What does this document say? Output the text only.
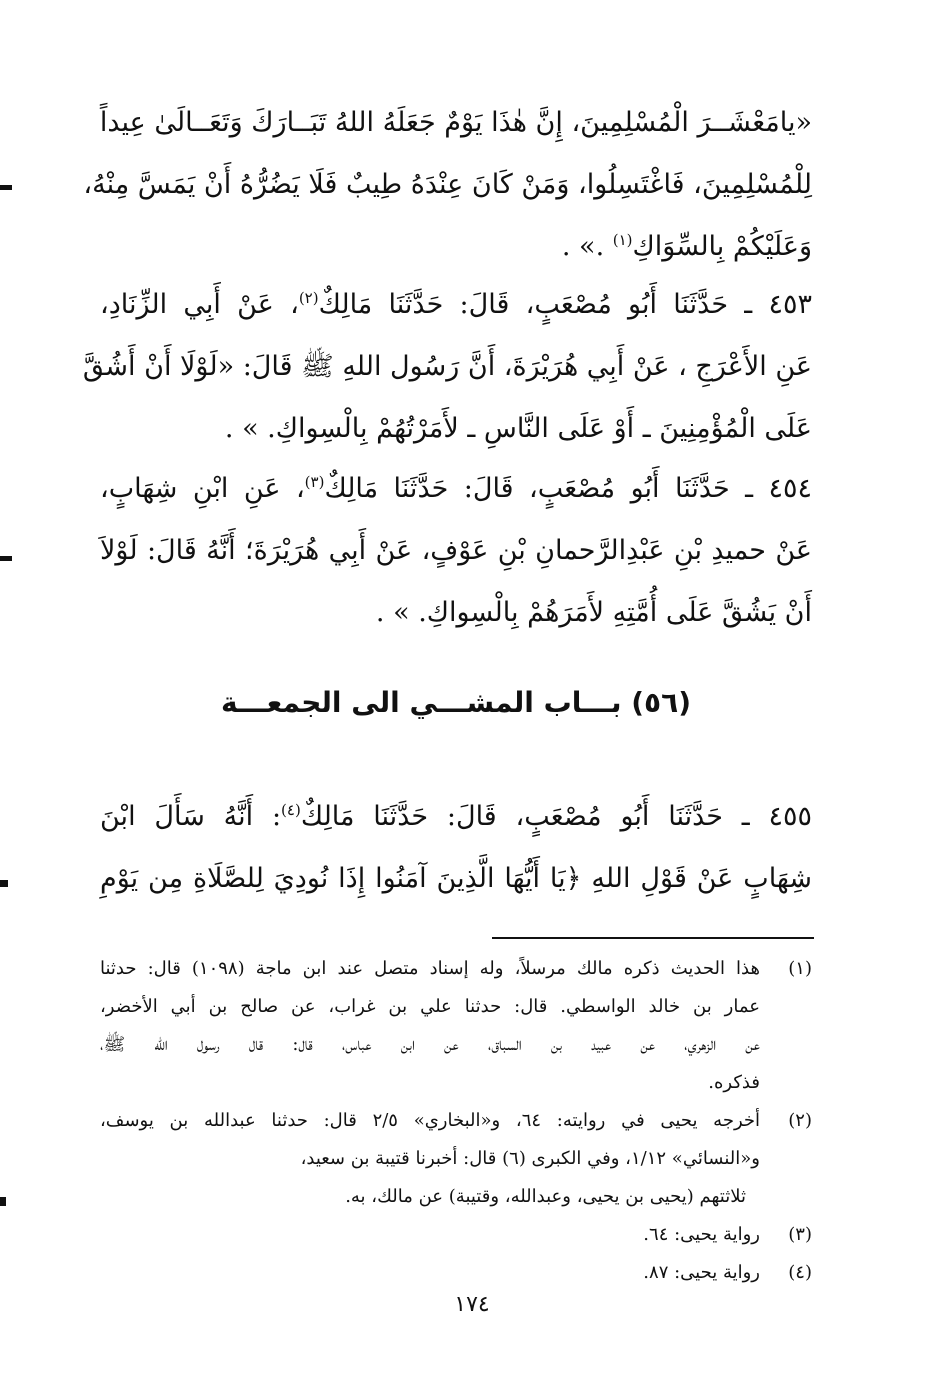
«يامَعْشَــرَ الْمُسْلِمِينَ، إِنَّ هٰذَا يَوْمٌ جَعَلَهُ اللهُ تَبَــارَكَ وَتَعَــالَىٰ عِيداً
لِلْمُسْلِمِينَ، فَاغْتَسِلُوا، وَمَنْ كَانَ عِنْدَهُ طِيبٌ فَلَا يَضُرُّهُ أَنْ يَمَسَّ مِنْهُ،
وَعَلَيْكُمْ بِالسِّوَاكِ$^{(١)}$ .» .
٤٥٣ ـ حَدَّثَنَا أَبُو مُصْعَبٍ، قَالَ: حَدَّثَنَا مَالِكٌ$^{(٢)}$، عَنْ أَبِي الزِّنَادِ،
عَنِ الأَعْرَجِ ، عَنْ أَبِي هُرَيْرَةَ، أَنَّ رَسُول اللهِ ﷺ قَالَ: «لَوْلَا أَنْ أَشُقَّ
عَلَى الْمُؤْمِنِينَ ـ أَوْ عَلَى النَّاسِ ـ لأَمَرْتُهُمْ بِالْسِواكِ. » .
٤٥٤ ـ حَدَّثَنَا أَبُو مُصْعَبٍ، قَالَ: حَدَّثَنَا مَالِكٌ$^{(٣)}$، عَنِ ابْنِ شِهَابٍ،
عَنْ حميدِ بْنِ عَبْدِالرَّحمانِ بْنِ عَوْفٍ، عَنْ أَبِي هُرَيْرَةَ؛ أَنَّهُ قَالَ: لَوْلاَ
أَنْ يَشُقَّ عَلَى أُمَّتِهِ لأَمَرَهُمْ بِالْسِواكِ. » .
(٥٦) بـــاب المشـــي الى الجمعـــة
٤٥٥ ـ حَدَّثَنَا أَبُو مُصْعَبٍ، قَالَ: حَدَّثَنَا مَالِكٌ$^{(٤)}$: أَنَّهُ سَأَلَ ابْنَ
شِهَابٍ عَنْ قَوْلِ اللهِ ﴿يَا أَيُّهَا الَّذِينَ آمَنُوا إِذَا نُودِيَ لِلصَّلَاةِ مِن يَوْمِ
(١)
هذا الحديث ذكره مالك مرسلاً، وله إسناد متصل عند ابن ماجة (١٠٩٨) قال: حدثنا
عمار بن خالد الواسطي. قال: حدثنا علي بن غراب، عن صالح بن أبي الأخضر،
عن الزهري، عن عبيد بن السباق، عن ابن عباس، قال: قال رسول الله ﷺ،
فذكره.
(٢)
أخرجه يحيى في روايته: ٦٤، و«البخاري» ٢/٥ قال: حدثنا عبدالله بن يوسف،
و«النسائي» ١/١٢، وفي الكبرى (٦) قال: أخبرنا قتيبة بن سعيد،
ثلاثتهم (يحيى بن يحيى، وعبدالله، وقتيبة) عن مالك، به.
(٣)
رواية يحيى: ٦٤.
(٤)
رواية يحيى: ٨٧.
١٧٤
